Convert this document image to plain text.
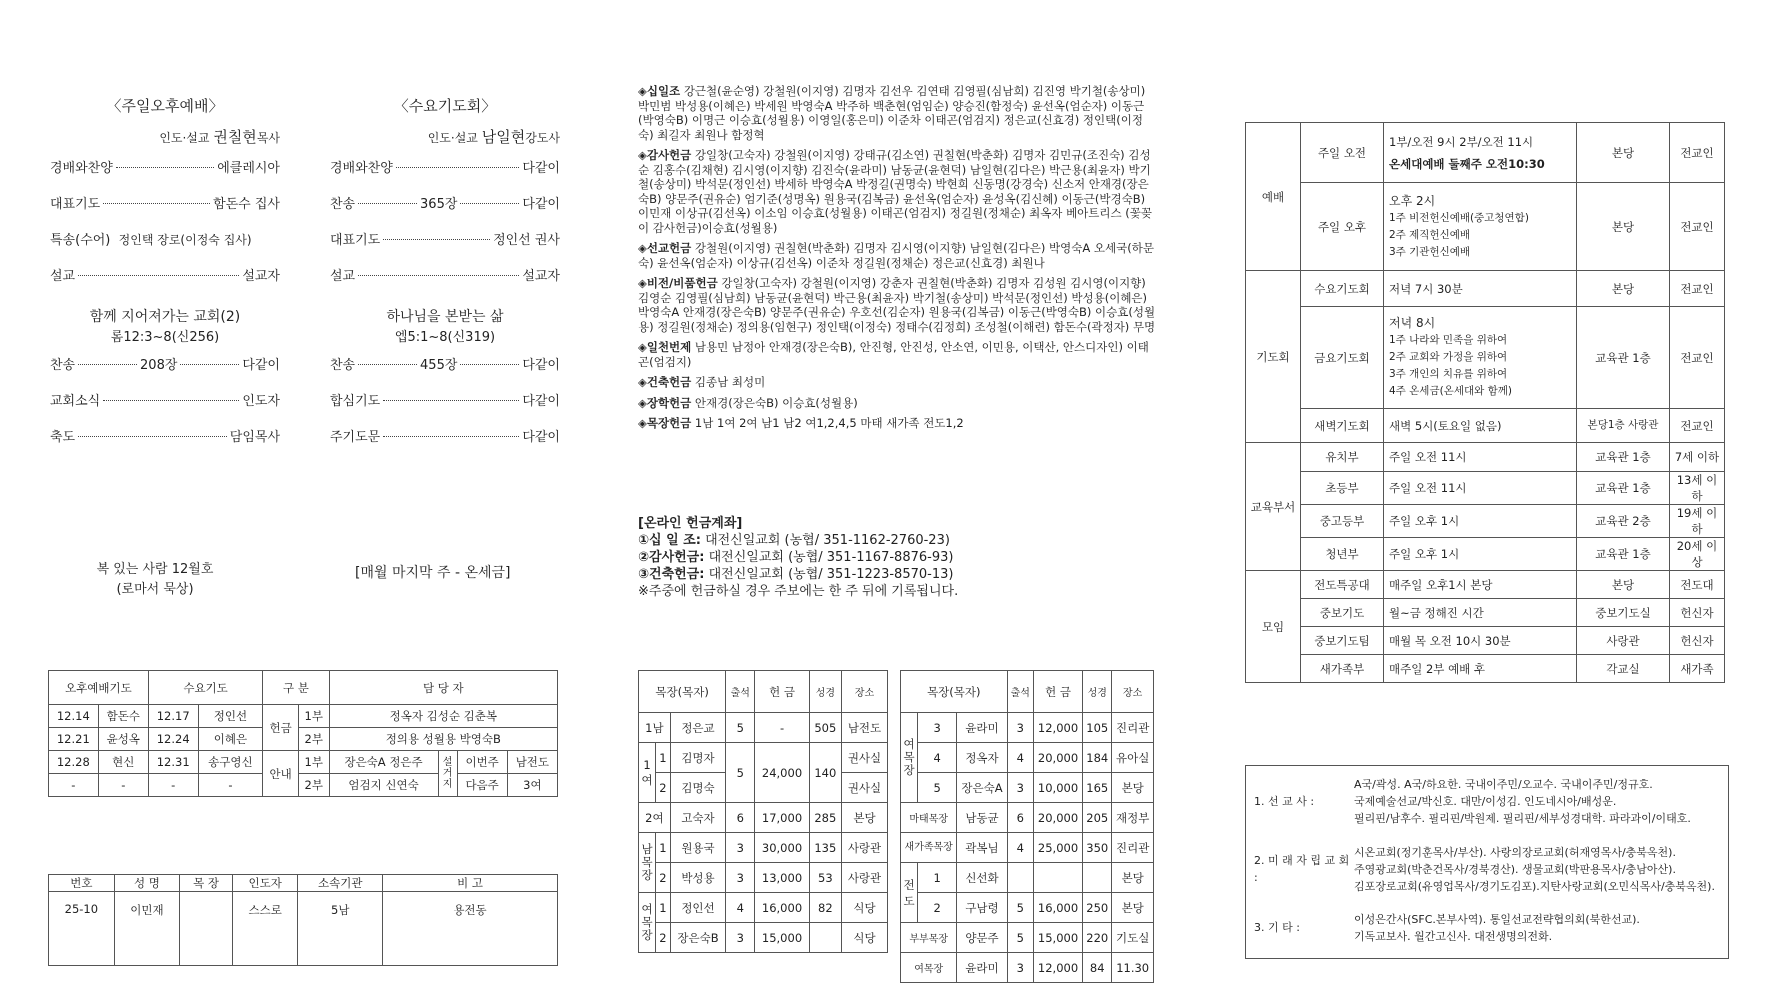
〈주일오후예배〉
인도·설교 권칠현목사
경배와찬양	에클레시아
대표기도	함돈수 집사
특송(수어)
정인택 장로(이정숙 집사)
설교	설교자
함께 지어져가는 교회(2)
롬12:3~8(신256)
찬송	208장	다같이
교회소식	인도자
축도	담임목사
〈수요기도회〉
인도·설교 남일현강도사
경배와찬양	다같이
찬송	365장	다같이
대표기도	정인선 권사
설교	설교자
하나님을 본받는 삶
엡5:1~8(신319)
찬송	455장	다같이
합심기도	다같이
주기도문	다같이
복 있는 사람 12월호
(로마서 묵상)
[매월 마지막 주 - 온세금]

◈십일조 강근철(윤순영) 강철원(이지영) 김명자 김선우 김연태 김영필(심남희) 김진영 박기철(송상미) 박민범 박성용(이혜은) 박세원 박영숙A 박주하 백춘현(엄임순) 양승진(함정숙) 윤선옥(엄순자) 이동근(박영숙B) 이명근 이승효(성월용) 이영일(홍은미) 이준차 이태곤(엄검지) 정은교(신효경) 정인택(이정숙) 최길자 최원나 함정혁

◈감사헌금 강일창(고숙자) 강철원(이지영) 강태규(김소연) 권칠현(박춘화) 김명자 김민규(조진숙) 김성순 김홍수(김채현) 김시영(이지향) 김진숙(윤라미) 남동균(윤현덕) 남일현(김다은) 박근용(최윤자) 박기철(송상미) 박석문(정인선) 박세하 박영숙A 박정길(권명숙) 박현희 신동명(강경숙) 신소저 안재경(장은숙B) 양문주(권유순) 엄기준(성명옥) 원용국(김복금) 윤선옥(엄순자) 윤성옥(김신혜) 이동근(박경숙B) 이민재 이상규(김선옥) 이소임 이승효(성월용) 이태곤(엄검지) 정길원(정채순) 최옥자 베아트리스 (꽃꽂이 감사헌금)이승효(성월용)

◈선교헌금 강철원(이지영) 권칠현(박춘화) 김명자 김시영(이지향) 남일현(김다은) 박영숙A 오세국(하문숙) 윤선옥(엄순자) 이상규(김선옥) 이준차 정길원(정채순) 정은교(신효경) 최원나

◈비전/비품헌금 강일창(고숙자) 강철원(이지영) 강춘자 권칠현(박춘화) 김명자 김성원 김시영(이지향) 김영순 김영필(심남희) 남동균(윤현덕) 박근용(최윤자) 박기철(송상미) 박석문(정인선) 박성용(이혜은) 박영숙A 안재경(장은숙B) 양문주(권유순) 우호선(김순자) 원용국(김복금) 이동근(박영숙B) 이승효(성월용) 정길원(정채순) 정의용(임현구) 정인택(이정숙) 정태수(김정희) 조성철(이해련) 함돈수(곽정자) 무명

◈일천번제 남용민 남정아 안재경(장은숙B), 안진형, 안진성, 안소연, 이민용, 이택산, 안스디자인) 이태곤(엄검지)

◈건축헌금 김종남 최성미

◈장학헌금 안재경(장은숙B) 이승효(성월용)

◈목장헌금 1남 1여 2여 남1 남2 여1,2,4,5 마태 새가족 전도1,2

[온라인 헌금계좌]
①십 일 조: 대전신일교회 (농협/ 351-1162-2760-23)
②감사헌금: 대전신일교회 (농협/ 351-1167-8876-93)
③건축헌금: 대전신일교회 (농협/ 351-1223-8570-13)
※주중에 헌금하실 경우 주보에는 한 주 뒤에 기록됩니다.
오후예배기도		수요기도		구 분		담 당 자			
12.14	함돈수	12.17	정인선	헌금	1부	정옥자 김성순 김춘복			
12.21	윤성옥	12.24	이혜은		2부	정의용 성월용 박영숙B			
12.28	현신	12.31	송구영신	안내	1부	장은숙A 정은주	설거지	이번주	남전도
-	-	-	-		2부	엄검지 신연숙		다음주	3여
번호	성 명	목 장	인도자	소속기관	비 고
25-10	이민재		스스로	5남	용전동
목장(목자)			출석	헌 금	성경	장소
1남		정은교	5	-	505	남전도
1여	1	김명자	5	24,000	140	권사실
	2	김명숙				권사실
2여		고숙자	6	17,000	285	본당
남목장	1	원용국	3	30,000	135	사랑관
	2	박성용	3	13,000	53	사랑관
여목장	1	정인선	4	16,000	82	식당
	2	장은숙B	3	15,000		식당
목장(목자)			출석	헌 금	성경	장소
여목장	3	윤라미	3	12,000	105	진리관
	4	정옥자	4	20,000	184	유아실
	5	장은숙A	3	10,000	165	본당
마태목장		남동균	6	20,000	205	재정부
새가족목장		곽복님	4	25,000	350	진리관
전도	1	신선화				본당
	2	구남령	5	16,000	250	본당
부부목장		양문주	5	15,000	220	기도실
여목장		윤라미	3	12,000	84	11.30
예배	주일 오전	1부/오전 9시 2부/오전 11시
온세대예배 둘째주 오전10:30	본당	전교인
	주일 오후	오후 2시
1주 비전헌신예배(중고청연합)
2주 제직헌신예배
3주 기관헌신예배	본당	전교인
기도회	수요기도회	저녁 7시 30분	본당	전교인
	금요기도회	저녁 8시
1주 나라와 민족을 위하여
2주 교회와 가정을 위하여
3주 개인의 치유를 위하여
4주 온세금(온세대와 함께)	교육관 1층	전교인
	새벽기도회	새벽 5시(토요일 없음)	본당1층 사랑관	전교인
교육부서	유치부	주일 오전 11시	교육관 1층	7세 이하
	초등부	주일 오전 11시	교육관 1층	13세 이하
	중고등부	주일 오후 1시	교육관 2층	19세 이하
	청년부	주일 오후 1시	교육관 1층	20세 이상
모임	전도특공대	매주일 오후1시 본당	본당	전도대
	중보기도	월~금 정해진 시간	중보기도실	헌신자
	중보기도팀	매월 목 오전 10시 30분	사랑관	헌신자
	새가족부	매주일 2부 예배 후	각교실	새가족
1. 선 교 사 :
A국/곽성. A국/하요한. 국내이주민/오교수. 국내이주민/정규호.
국제예술선교/박신호. 대만/이성김. 인도네시아/배성운.
필리핀/남후수. 필리핀/박원제. 필리핀/세부성경대학. 파라과이/이태호.
2. 미 래 자 립 교 회 :
시온교회(정기훈목사/부산). 사랑의장로교회(허재영목사/충북옥천).
주영광교회(박춘건목사/경북경산). 생물교회(박판용목사/충남아산).
김포장로교회(유영업목사/경기도김포).지탄사랑교회(오민식목사/충북옥천).
3. 기 타 :
이성은간사(SFC.본부사역). 통일선교전략협의회(북한선교).
기독교보사. 월간고신사. 대전생명의전화.
